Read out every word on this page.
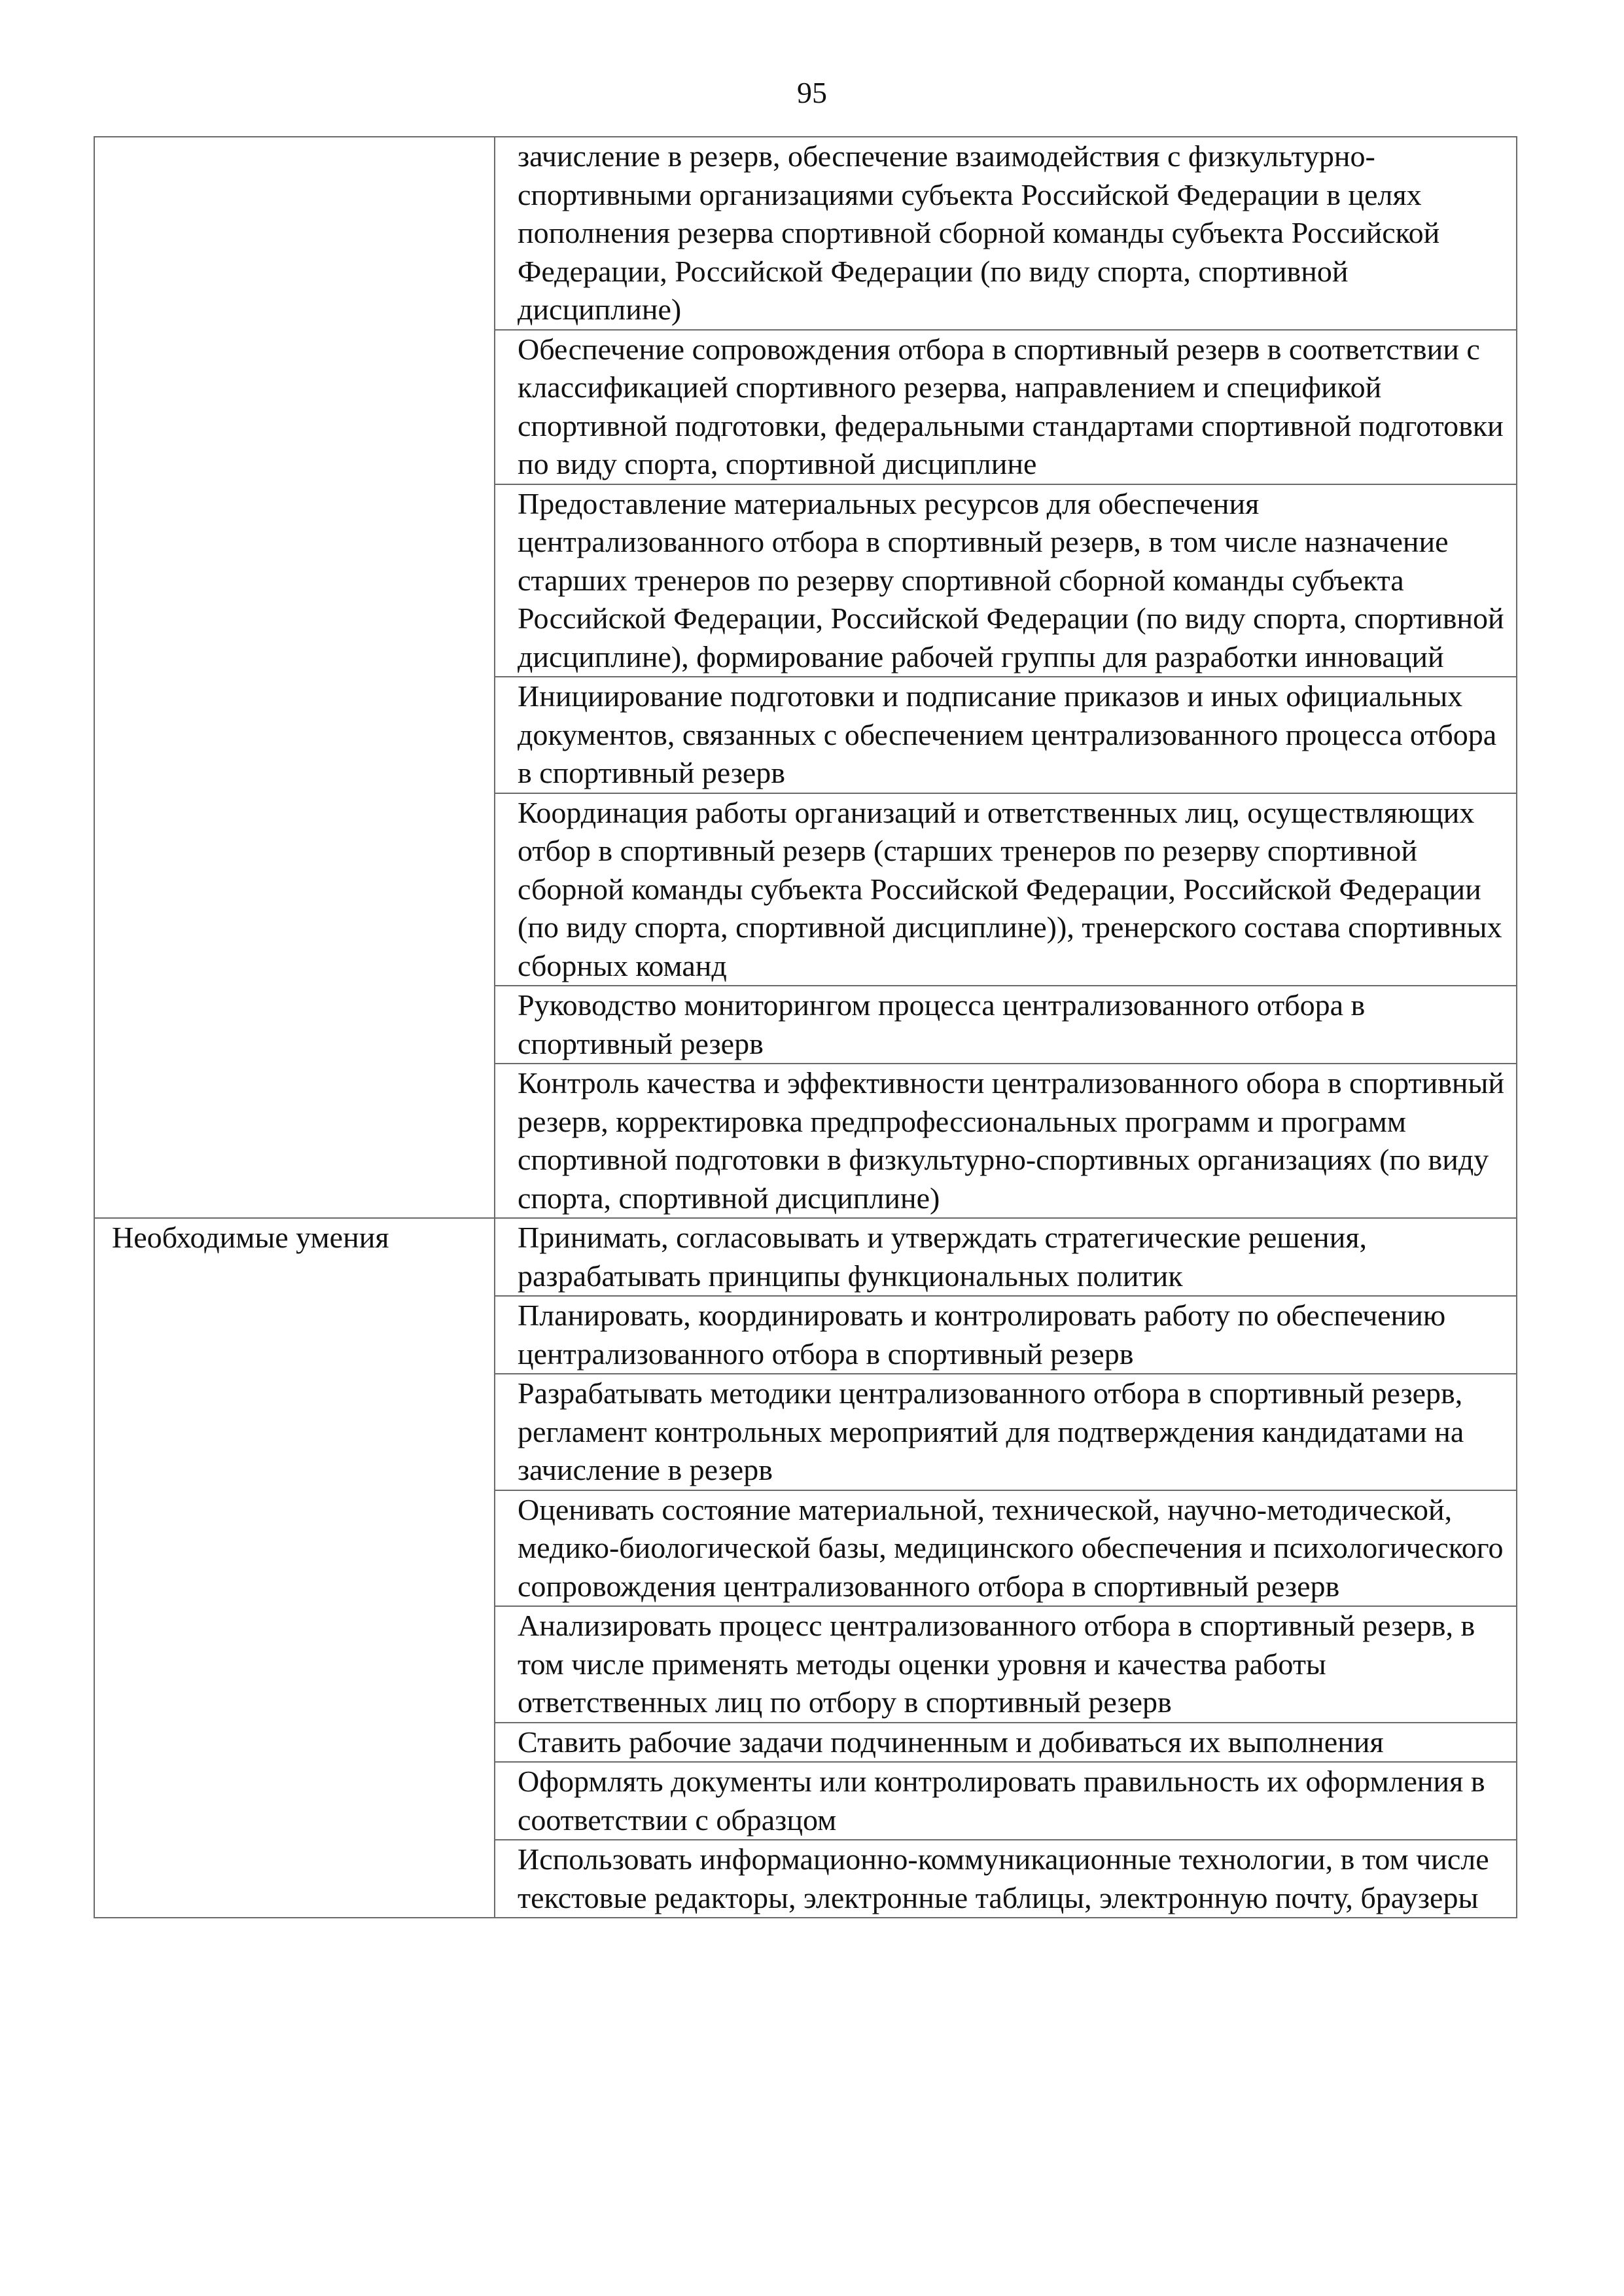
95
	зачисление в резерв, обеспечение взаимодействия с физкультурно-спортивными организациями субъекта Российской Федерации в целях пополнения резерва спортивной сборной команды субъекта Российской Федерации, Российской Федерации (по виду спорта, спортивной дисциплине)
	Обеспечение сопровождения отбора в спортивный резерв в соответствии с классификацией спортивного резерва, направлением и спецификой спортивной подготовки, федеральными стандартами спортивной подготовки по виду спорта, спортивной дисциплине
	Предоставление материальных ресурсов для обеспечения централизованного отбора в спортивный резерв, в том числе назначение старших тренеров по резерву спортивной сборной команды субъекта Российской Федерации, Российской Федерации (по виду спорта, спортивной дисциплине), формирование рабочей группы для разработки инноваций
	Инициирование подготовки и подписание приказов и иных официальных документов, связанных с обеспечением централизованного процесса отбора в спортивный резерв
	Координация работы организаций и ответственных лиц, осуществляющих отбор в спортивный резерв (старших тренеров по резерву спортивной сборной команды субъекта Российской Федерации, Российской Федерации (по виду спорта, спортивной дисциплине)), тренерского состава спортивных сборных команд
	Руководство мониторингом процесса централизованного отбора в спортивный резерв
	Контроль качества и эффективности централизованного обора в спортивный резерв, корректировка предпрофессиональных программ и программ спортивной подготовки в физкультурно-спортивных организациях (по виду спорта, спортивной дисциплине)
Необходимые умения	Принимать, согласовывать и утверждать стратегические решения, разрабатывать принципы функциональных политик
	Планировать, координировать и контролировать работу по обеспечению централизованного отбора в спортивный резерв
	Разрабатывать методики централизованного отбора в спортивный резерв, регламент контрольных мероприятий для подтверждения кандидатами на зачисление в резерв
	Оценивать состояние материальной, технической, научно-методической, медико-биологической базы, медицинского обеспечения и психологического сопровождения централизованного отбора в спортивный резерв
	Анализировать процесс централизованного отбора в спортивный резерв, в том числе применять методы оценки уровня и качества работы ответственных лиц по отбору в спортивный резерв
	Ставить рабочие задачи подчиненным и добиваться их выполнения
	Оформлять документы или контролировать правильность их оформления в соответствии с образцом
	Использовать информационно-коммуникационные технологии, в том числе текстовые редакторы, электронные таблицы, электронную почту, браузеры
